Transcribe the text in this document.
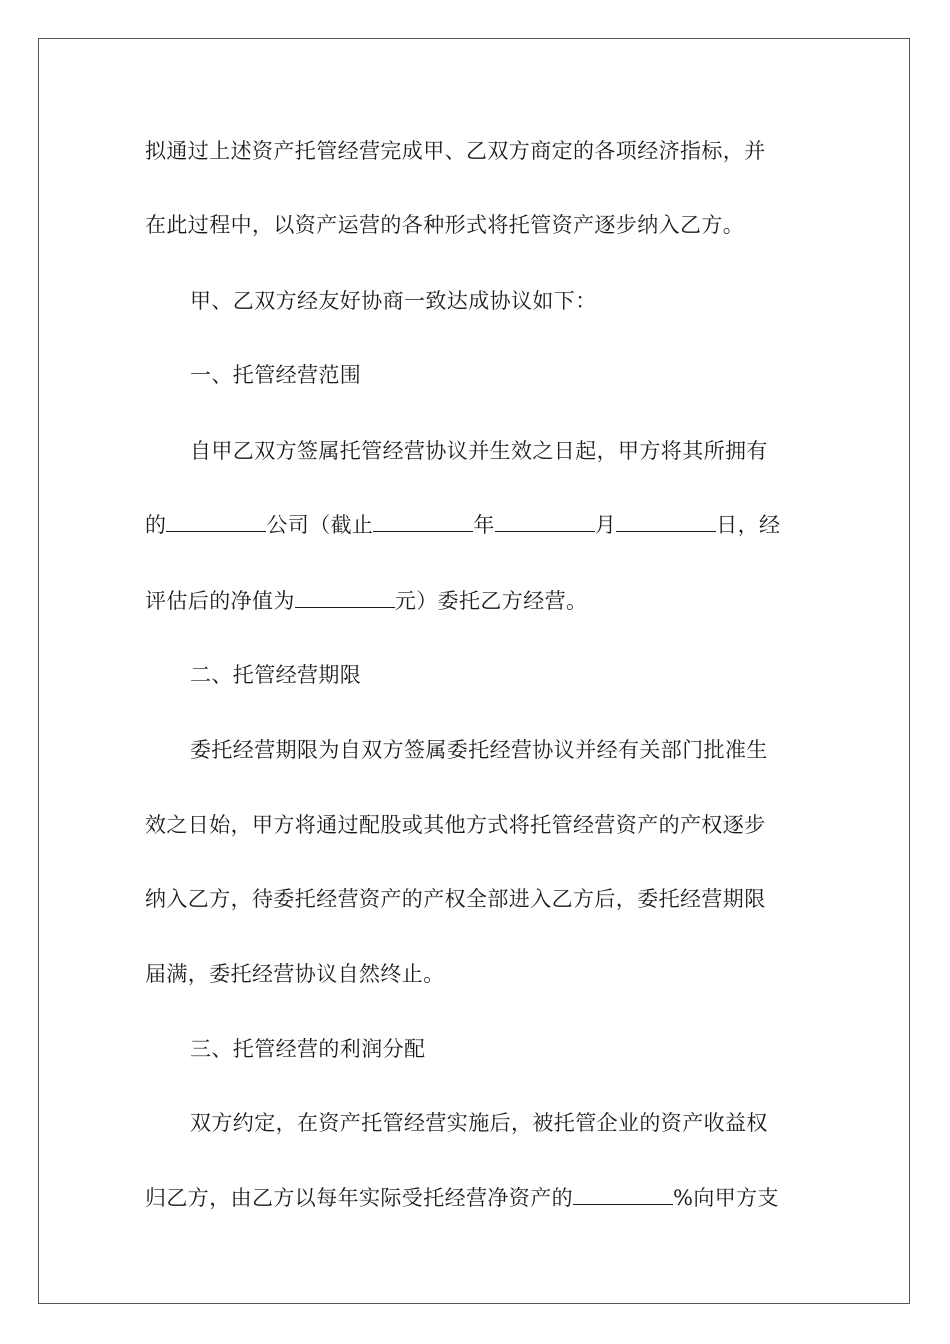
拟通过上述资产托管经营完成甲、乙双方商定的各项经济指标，并
在此过程中，以资产运营的各种形式将托管资产逐步纳入乙方。
甲、乙双方经友好协商一致达成协议如下：
一、托管经营范围
自甲乙双方签属托管经营协议并生效之日起，甲方将其所拥有
的	公司（截止	年	月	日，经
评估后的净值为	元）委托乙方经营。
二、托管经营期限
委托经营期限为自双方签属委托经营协议并经有关部门批准生
效之日始，甲方将通过配股或其他方式将托管经营资产的产权逐步
纳入乙方，待委托经营资产的产权全部进入乙方后，委托经营期限
届满，委托经营协议自然终止。
三、托管经营的利润分配
双方约定，在资产托管经营实施后，被托管企业的资产收益权
归乙方，由乙方以每年实际受托经营净资产的	%向甲方支
